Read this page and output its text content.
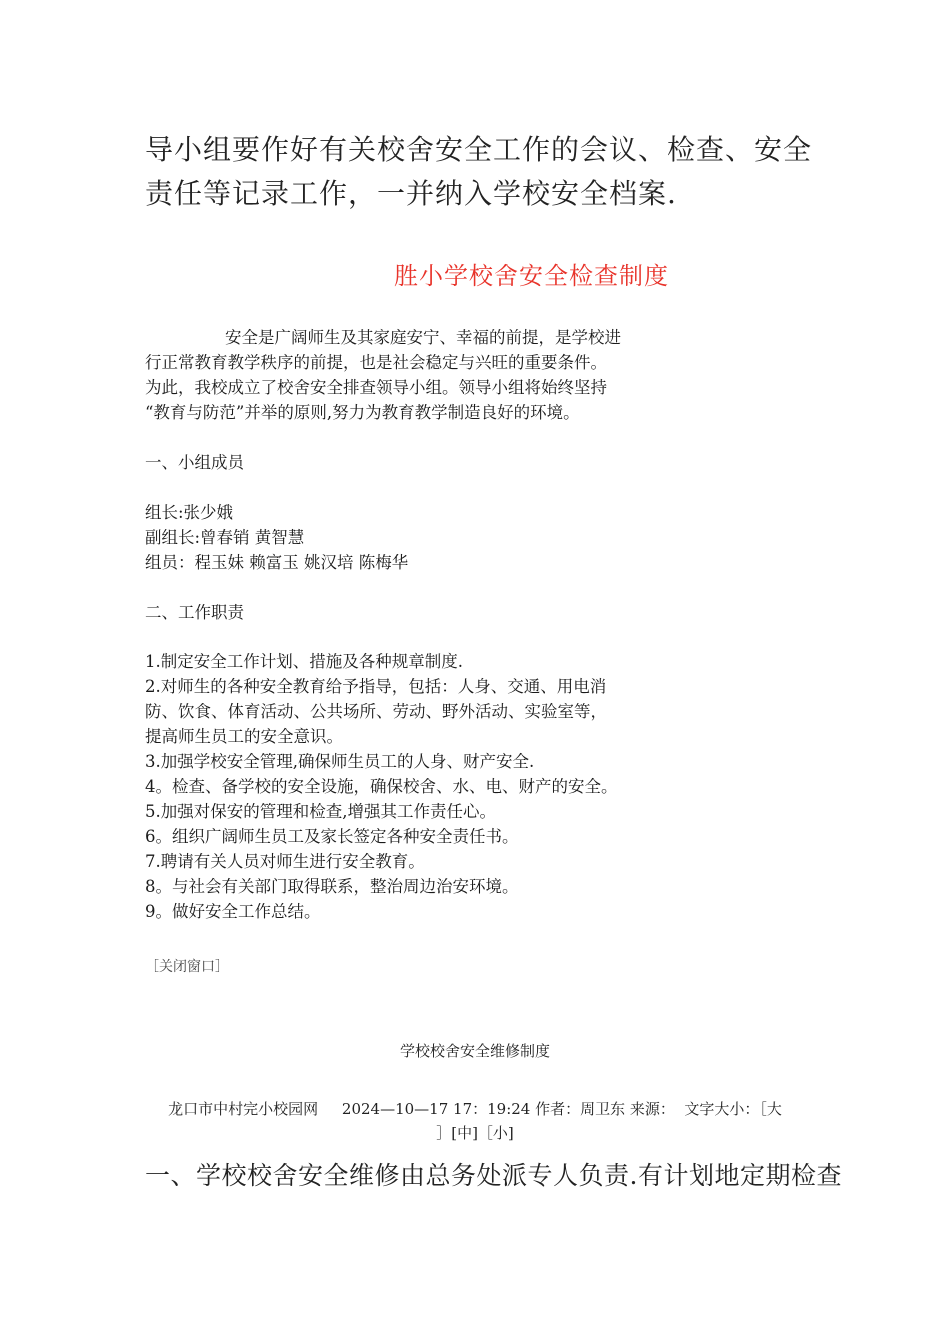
导小组要作好有关校舍安全工作的会议、检查、安全
责任等记录工作，一并纳入学校安全档案.
胜小学校舍安全检查制度
安全是广阔师生及其家庭安宁、幸福的前提，是学校进
行正常教育教学秩序的前提，也是社会稳定与兴旺的重要条件。
为此，我校成立了校舍安全排查领导小组。领导小组将始终坚持
“教育与防范”并举的原则,努力为教育教学制造良好的环境。
一、小组成员
组长:张少娥
副组长:曾春销 黄智慧
组员：程玉妹 赖富玉 姚汉培 陈梅华
二、工作职责
1.制定安全工作计划、措施及各种规章制度.
2.对师生的各种安全教育给予指导，包括：人身、交通、用电消
防、饮食、体育活动、公共场所、劳动、野外活动、实验室等，
提高师生员工的安全意识。
3.加强学校安全管理,确保师生员工的人身、财产安全.
4。检查、备学校的安全设施，确保校舍、水、电、财产的安全。
5.加强对保安的管理和检查,增强其工作责任心。
6。组织广阔师生员工及家长签定各种安全责任书。
7.聘请有关人员对师生进行安全教育。
8。与社会有关部门取得联系，整治周边治安环境。
9。做好安全工作总结。
［关闭窗口］
学校校舍安全维修制度
龙口市中村完小校园网     2024—10—17 17：19:24 作者：周卫东 来源：  文字大小：［大
］[中]［小]
一、学校校舍安全维修由总务处派专人负责.有计划地定期检查
